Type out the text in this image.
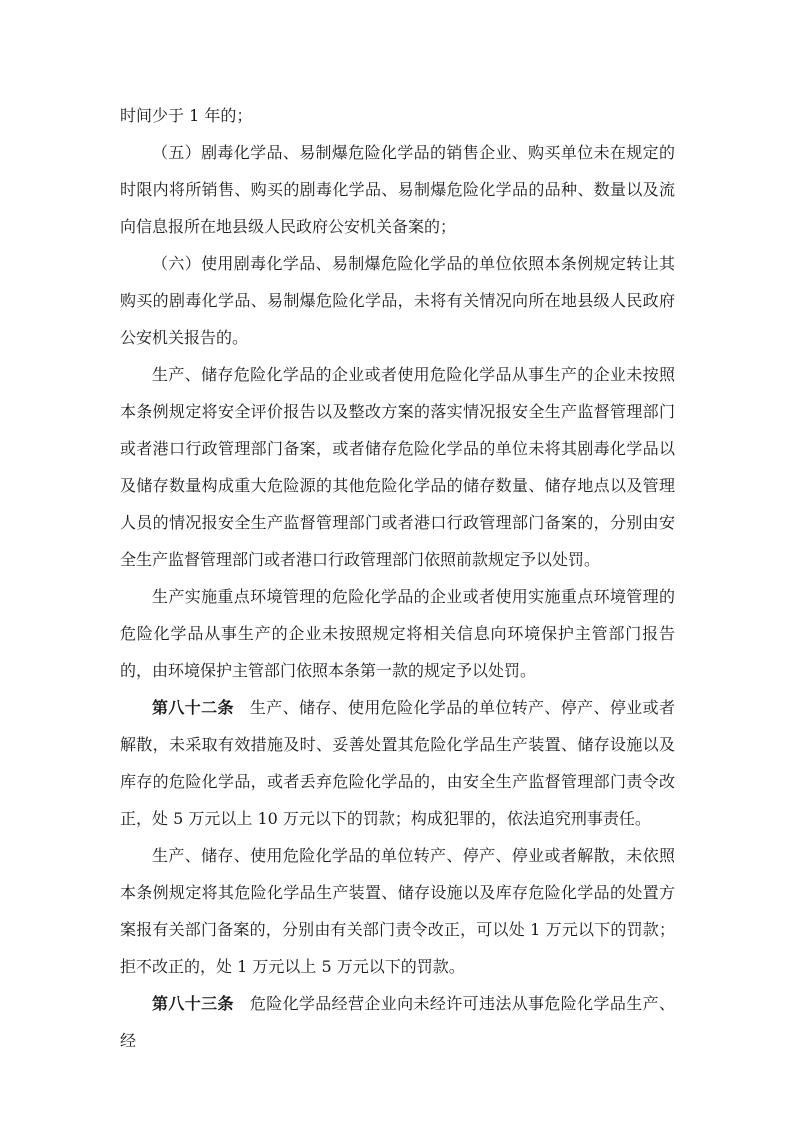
时间少于 1 年的；

（五）剧毒化学品、易制爆危险化学品的销售企业、购买单位未在规定的时限内将所销售、购买的剧毒化学品、易制爆危险化学品的品种、数量以及流向信息报所在地县级人民政府公安机关备案的；

（六）使用剧毒化学品、易制爆危险化学品的单位依照本条例规定转让其购买的剧毒化学品、易制爆危险化学品，未将有关情况向所在地县级人民政府公安机关报告的。

生产、储存危险化学品的企业或者使用危险化学品从事生产的企业未按照本条例规定将安全评价报告以及整改方案的落实情况报安全生产监督管理部门或者港口行政管理部门备案，或者储存危险化学品的单位未将其剧毒化学品以及储存数量构成重大危险源的其他危险化学品的储存数量、储存地点以及管理人员的情况报安全生产监督管理部门或者港口行政管理部门备案的，分别由安全生产监督管理部门或者港口行政管理部门依照前款规定予以处罚。

生产实施重点环境管理的危险化学品的企业或者使用实施重点环境管理的危险化学品从事生产的企业未按照规定将相关信息向环境保护主管部门报告的，由环境保护主管部门依照本条第一款的规定予以处罚。

第八十二条 生产、储存、使用危险化学品的单位转产、停产、停业或者解散，未采取有效措施及时、妥善处置其危险化学品生产装置、储存设施以及库存的危险化学品，或者丢弃危险化学品的，由安全生产监督管理部门责令改正，处 5 万元以上 10 万元以下的罚款；构成犯罪的，依法追究刑事责任。

生产、储存、使用危险化学品的单位转产、停产、停业或者解散，未依照本条例规定将其危险化学品生产装置、储存设施以及库存危险化学品的处置方案报有关部门备案的，分别由有关部门责令改正，可以处 1 万元以下的罚款；拒不改正的，处 1 万元以上 5 万元以下的罚款。

第八十三条 危险化学品经营企业向未经许可违法从事危险化学品生产、经
